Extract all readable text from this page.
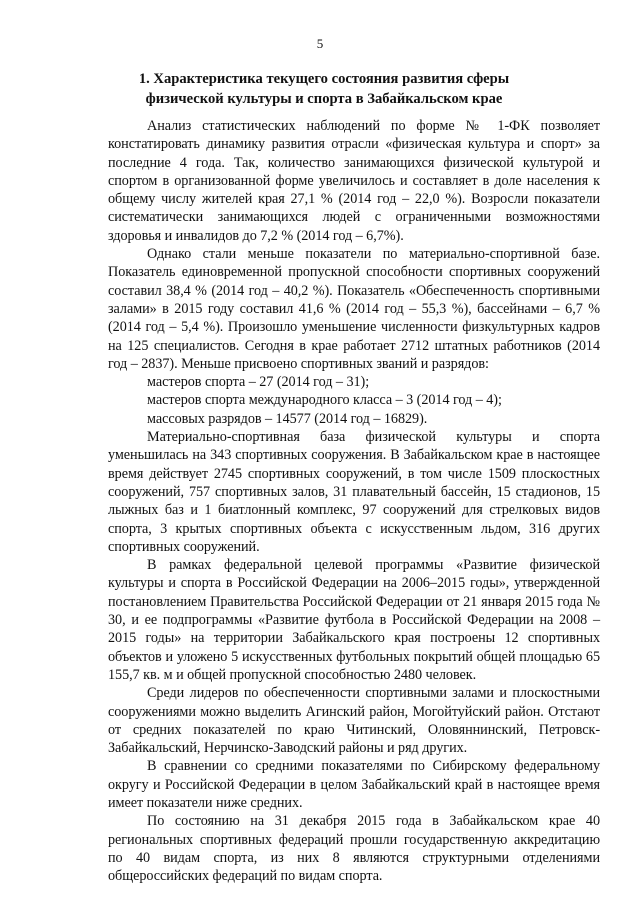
5
1. Характеристика текущего состояния развития сферы физической культуры и спорта в Забайкальском крае

Анализ статистических наблюдений по форме № 1-ФК позволяет констатировать динамику развития отрасли «физическая культура и спорт» за последние 4 года. Так, количество занимающихся физической культурой и спортом в организованной форме увеличилось и составляет в доле населения к общему числу жителей края 27,1 % (2014 год – 22,0 %). Возросли показатели систематически занимающихся людей с ограниченными возможностями здоровья и инвалидов до 7,2 % (2014 год – 6,7%).

Однако стали меньше показатели по материально-спортивной базе. Показатель единовременной пропускной способности спортивных сооружений составил 38,4 % (2014 год – 40,2 %). Показатель «Обеспеченность спортивными залами» в 2015 году составил 41,6 % (2014 год – 55,3 %), бассейнами – 6,7 % (2014 год – 5,4 %). Произошло уменьшение численности физкультурных кадров на 125 специалистов. Сегодня в крае работает 2712 штатных работников (2014 год – 2837). Меньше присвоено спортивных званий и разрядов:

мастеров спорта – 27 (2014 год – 31);

мастеров спорта международного класса – 3 (2014 год – 4);

массовых разрядов – 14577 (2014 год – 16829).

Материально-спортивная база физической культуры и спорта уменьшилась на 343 спортивных сооружения. В Забайкальском крае в настоящее время действует 2745 спортивных сооружений, в том числе 1509 плоскостных сооружений, 757 спортивных залов, 31 плавательный бассейн, 15 стадионов, 15 лыжных баз и 1 биатлонный комплекс, 97 сооружений для стрелковых видов спорта, 3 крытых спортивных объекта с искусственным льдом, 316 других спортивных сооружений.

В рамках федеральной целевой программы «Развитие физической культуры и спорта в Российской Федерации на 2006–2015 годы», утвержденной постановлением Правительства Российской Федерации от 21 января 2015 года № 30, и ее подпрограммы «Развитие футбола в Российской Федерации на 2008 – 2015 годы» на территории Забайкальского края построены 12 спортивных объектов и уложено 5 искусственных футбольных покрытий общей площадью 65 155,7 кв. м и общей пропускной способностью 2480 человек.

Среди лидеров по обеспеченности спортивными залами и плоскостными сооружениями можно выделить Агинский район, Могойтуйский район. Отстают от средних показателей по краю Читинский, Оловяннинский, Петровск-Забайкальский, Нерчинско-Заводский районы и ряд других.

В сравнении со средними показателями по Сибирскому федеральному округу и Российской Федерации в целом Забайкальский край в настоящее время имеет показатели ниже средних.

По состоянию на 31 декабря 2015 года в Забайкальском крае 40 региональных спортивных федераций прошли государственную аккредитацию по 40 видам спорта, из них 8 являются структурными отделениями общероссийских федераций по видам спорта.
